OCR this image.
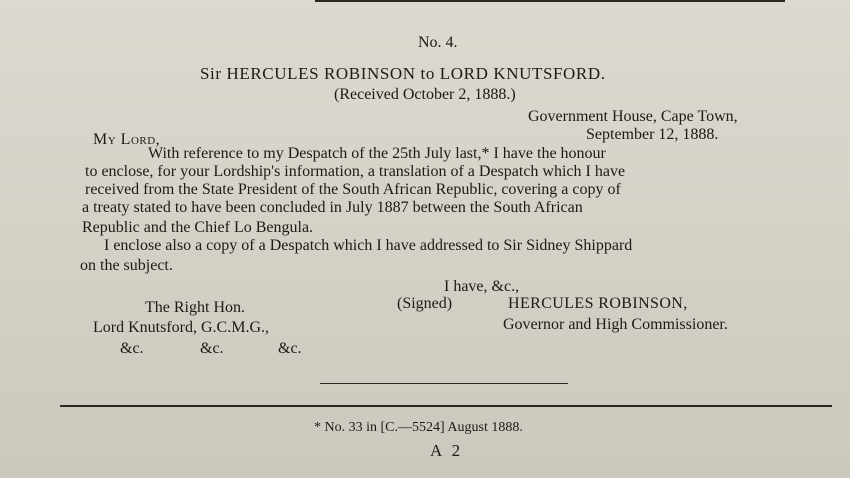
No. 4.
Sir HERCULES ROBINSON to LORD KNUTSFORD.
(Received October 2, 1888.)
Government House, Cape Town,
September 12, 1888.
My Lord,
With reference to my Despatch of the 25th July last,* I have the honour
to enclose, for your Lordship's information, a translation of a Despatch which I have
received from the State President of the South African Republic, covering a copy of
a treaty stated to have been concluded in July 1887 between the South African
Republic and the Chief Lo Bengula.
I enclose also a copy of a Despatch which I have addressed to Sir Sidney Shippard
on the subject.
I have, &c.,
The Right Hon.	(Signed)	HERCULES ROBINSON,
Lord Knutsford, G.C.M.G.,	Governor and High Commissioner.
&c.	&c.	&c.
* No. 33 in [C.—5524] August 1888.
A 2
